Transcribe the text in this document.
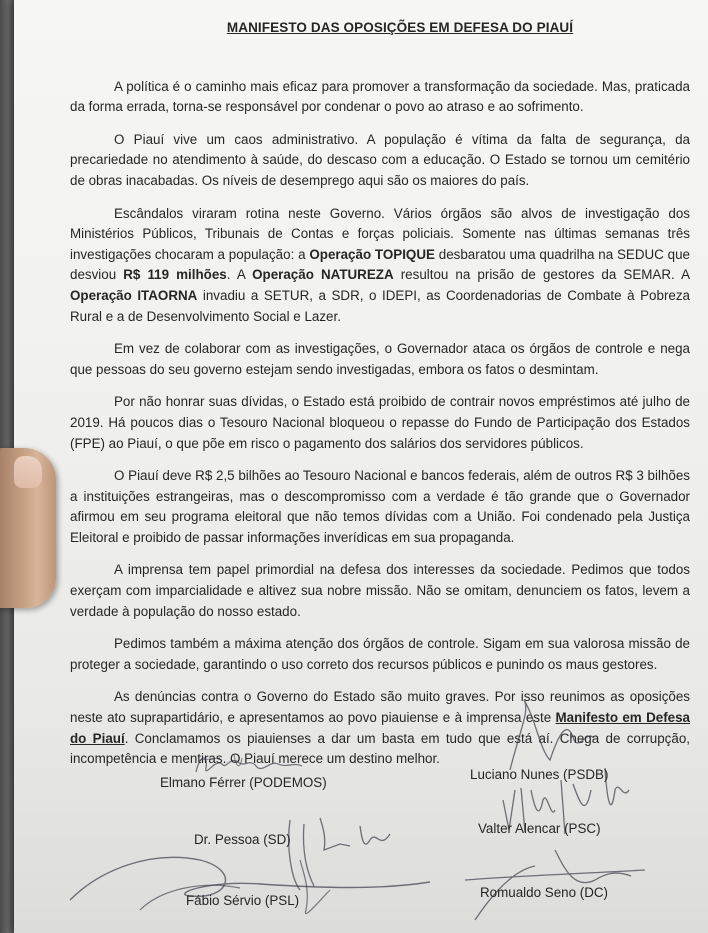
MANIFESTO DAS OPOSIÇÕES EM DEFESA DO PIAUÍ

A política é o caminho mais eficaz para promover a transformação da sociedade. Mas, praticada da forma errada, torna-se responsável por condenar o povo ao atraso e ao sofrimento.

O Piauí vive um caos administrativo. A população é vítima da falta de segurança, da precariedade no atendimento à saúde, do descaso com a educação. O Estado se tornou um cemitério de obras inacabadas. Os níveis de desemprego aqui são os maiores do país.

Escândalos viraram rotina neste Governo. Vários órgãos são alvos de investigação dos Ministérios Públicos, Tribunais de Contas e forças policiais. Somente nas últimas semanas três investigações chocaram a população: a Operação TOPIQUE desbaratou uma quadrilha na SEDUC que desviou R$ 119 milhões. A Operação NATUREZA resultou na prisão de gestores da SEMAR. A Operação ITAORNA invadiu a SETUR, a SDR, o IDEPI, as Coordenadorias de Combate à Pobreza Rural e a de Desenvolvimento Social e Lazer.

Em vez de colaborar com as investigações, o Governador ataca os órgãos de controle e nega que pessoas do seu governo estejam sendo investigadas, embora os fatos o desmintam.

Por não honrar suas dívidas, o Estado está proibido de contrair novos empréstimos até julho de 2019. Há poucos dias o Tesouro Nacional bloqueou o repasse do Fundo de Participação dos Estados (FPE) ao Piauí, o que põe em risco o pagamento dos salários dos servidores públicos.

O Piauí deve R$ 2,5 bilhões ao Tesouro Nacional e bancos federais, além de outros R$ 3 bilhões a instituições estrangeiras, mas o descompromisso com a verdade é tão grande que o Governador afirmou em seu programa eleitoral que não temos dívidas com a União. Foi condenado pela Justiça Eleitoral e proibido de passar informações inverídicas em sua propaganda.

A imprensa tem papel primordial na defesa dos interesses da sociedade. Pedimos que todos exerçam com imparcialidade e altivez sua nobre missão. Não se omitam, denunciem os fatos, levem a verdade à população do nosso estado.

Pedimos também a máxima atenção dos órgãos de controle. Sigam em sua valorosa missão de proteger a sociedade, garantindo o uso correto dos recursos públicos e punindo os maus gestores.

As denúncias contra o Governo do Estado são muito graves. Por isso reunimos as oposições neste ato suprapartidário, e apresentamos ao povo piauiense e à imprensa este Manifesto em Defesa do Piauí. Conclamamos os piauienses a dar um basta em tudo que está aí. Chega de corrupção, incompetência e mentiras. O Piauí merece um destino melhor.

Elmano Férrer (PODEMOS)
Luciano Nunes (PSDB)
Valter Alencar (PSC)
Dr. Pessoa (SD)
Romualdo Seno (DC)
Fábio Sérvio (PSL)
